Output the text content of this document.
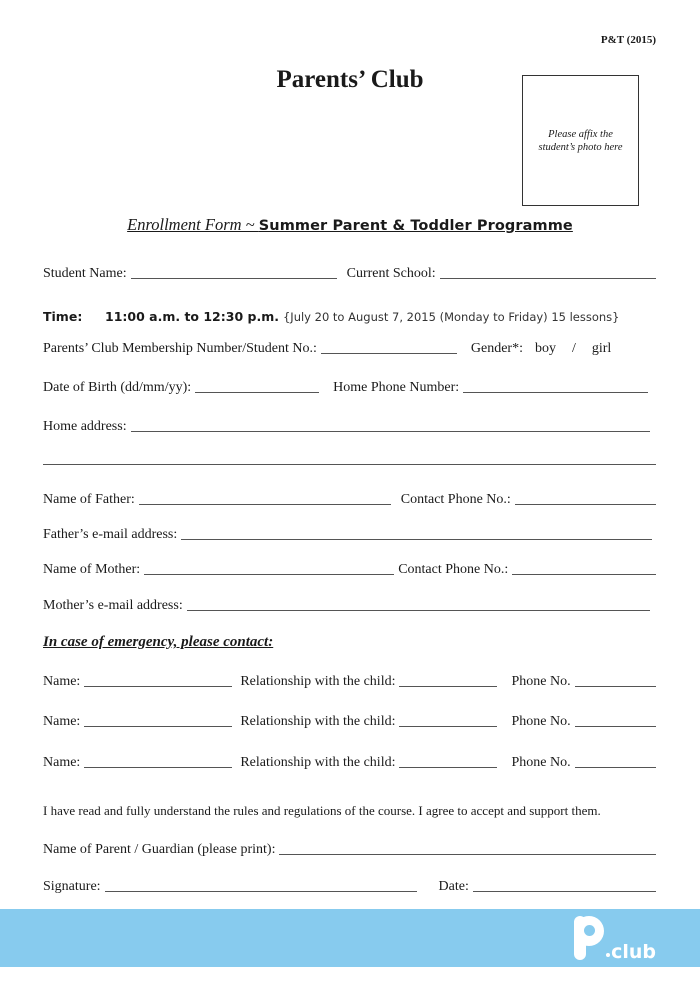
P&T (2015)
Parents’ Club
Please affix the student’s photo here
Enrollment Form ~ Summer Parent & Toddler Programme
Student Name:	Current School:
Time:	11:00 a.m. to 12:30 p.m. {July 20 to August 7, 2015 (Monday to Friday) 15 lessons}
Parents’ Club Membership Number/Student No.:	Gender*: boy / girl
Date of Birth (dd/mm/yy):	Home Phone Number:
Home address:
Name of Father:	Contact Phone No.:
Father’s e-mail address:
Name of Mother:	Contact Phone No.:
Mother’s e-mail address:
In case of emergency, please contact:
Name:	Relationship with the child:	Phone No.
Name:	Relationship with the child:	Phone No.
Name:	Relationship with the child:	Phone No.
I have read and fully understand the rules and regulations of the course. I agree to accept and support them.
Name of Parent / Guardian (please print):
Signature:	Date:
club
